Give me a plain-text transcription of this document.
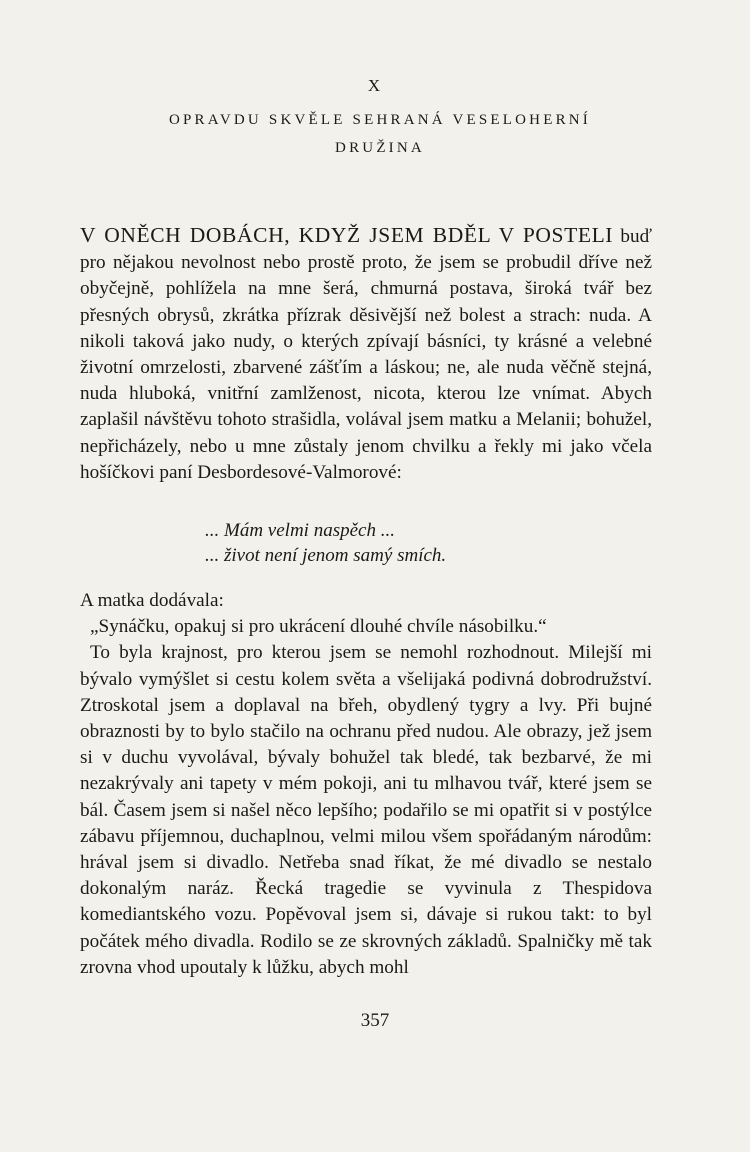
X
OPRAVDU SKVĚLE SEHRANÁ VESELOHERNÍ
DRUŽINA

V ONĚCH DOBÁCH, KDYŽ JSEM BDĚL V POSTELI buď pro nějakou nevolnost nebo prostě proto, že jsem se probudil dříve než obyčejně, pohlížela na mne šerá, chmurná postava, široká tvář bez přesných obrysů, zkrátka přízrak děsivější než bolest a strach: nuda. A nikoli taková jako nudy, o kterých zpívají básníci, ty krásné a velebné životní omrzelosti, zbarvené zášťím a láskou; ne, ale nuda věčně stejná, nuda hluboká, vnitřní zamlženost, nicota, kterou lze vnímat. Abych zaplašil návštěvu tohoto strašidla, volával jsem matku a Melanii; bohužel, nepřicházely, nebo u mne zůstaly jenom chvilku a řekly mi jako včela hošíčkovi paní Desbordesové-Valmorové:

... Mám velmi naspěch ...
... život není jenom samý smích.

A matka dodávala:

„Synáčku, opakuj si pro ukrácení dlouhé chvíle násobilku.“

To byla krajnost, pro kterou jsem se nemohl rozhodnout. Milejší mi bývalo vymýšlet si cestu kolem světa a všelijaká podivná dobrodružství. Ztroskotal jsem a doplaval na břeh, obydlený tygry a lvy. Při bujné obraznosti by to bylo stačilo na ochranu před nudou. Ale obrazy, jež jsem si v duchu vyvolával, bývaly bohužel tak bledé, tak bezbarvé, že mi nezakrývaly ani tapety v mém pokoji, ani tu mlhavou tvář, které jsem se bál. Časem jsem si našel něco lepšího; podařilo se mi opatřit si v postýlce zábavu příjemnou, duchaplnou, velmi milou všem spořádaným národům: hrával jsem si divadlo. Netřeba snad říkat, že mé divadlo se nestalo dokonalým naráz. Řecká tragedie se vyvinula z Thespidova komediantského vozu. Popěvoval jsem si, dávaje si rukou takt: to byl počátek mého divadla. Rodilo se ze skrovných základů. Spalničky mě tak zrovna vhod upoutaly k lůžku, abych mohl

357
